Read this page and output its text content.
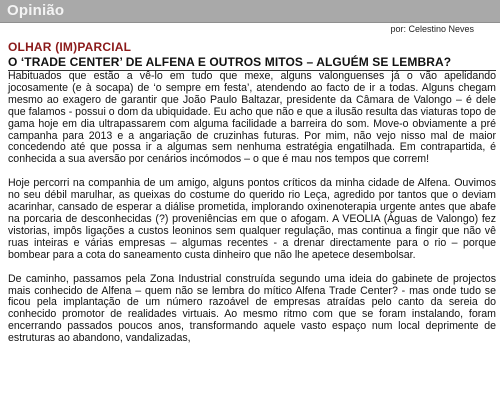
Opinião
por: Celestino Neves
OLHAR (IM)PARCIAL
O ‘TRADE CENTER’ DE ALFENA E OUTROS MITOS – ALGUÉM SE LEMBRA?

Habituados que estão a vê-lo em tudo que mexe, alguns valonguenses já o vão apelidando jocosamente (e à socapa) de ‘o sempre em festa’, atendendo ao facto de ir a todas. Alguns chegam mesmo ao exagero de garantir que João Paulo Baltazar, presidente da Câmara de Valongo – é dele que falamos - possui o dom da ubiquidade. Eu acho que não e que a ilusão resulta das viaturas topo de gama hoje em dia ultrapassarem com alguma facilidade a barreira do som. Move-o obviamente a pré campanha para 2013 e a angariação de cruzinhas futuras. Por mim, não vejo nisso mal de maior concedendo até que possa ir a algumas sem nenhuma estratégia engatilhada. Em contrapartida, é conhecida a sua aversão por cenários incómodos – o que é mau nos tempos que correm!

Hoje percorri na companhia de um amigo, alguns pontos críticos da minha cidade de Alfena. Ouvimos no seu débil marulhar, as queixas do costume do querido rio Leça, agredido por tantos que o deviam acarinhar, cansado de esperar a diálise prometida, implorando oxinenoterapia urgente antes que abafe na porcaria de desconhecidas (?) proveniências em que o afogam. A VEOLIA (Águas de Valongo) fez vistorias, impôs ligações a custos leoninos sem qualquer regulação, mas continua a fingir que não vê ruas inteiras e várias empresas – algumas recentes - a drenar directamente para o rio – porque bombear para a cota do saneamento custa dinheiro que não lhe apetece desembolsar.

De caminho, passamos pela Zona Industrial construída segundo uma ideia do gabinete de projectos mais conhecido de Alfena – quem não se lembra do mítico Alfena Trade Center? - mas onde tudo se ficou pela implantação de um número razoável de empresas atraídas pelo canto da sereia do conhecido promotor de realidades virtuais. Ao mesmo ritmo com que se foram instalando, foram encerrando passados poucos anos, transformando aquele vasto espaço num local deprimente de estruturas ao abandono, vandalizadas,
